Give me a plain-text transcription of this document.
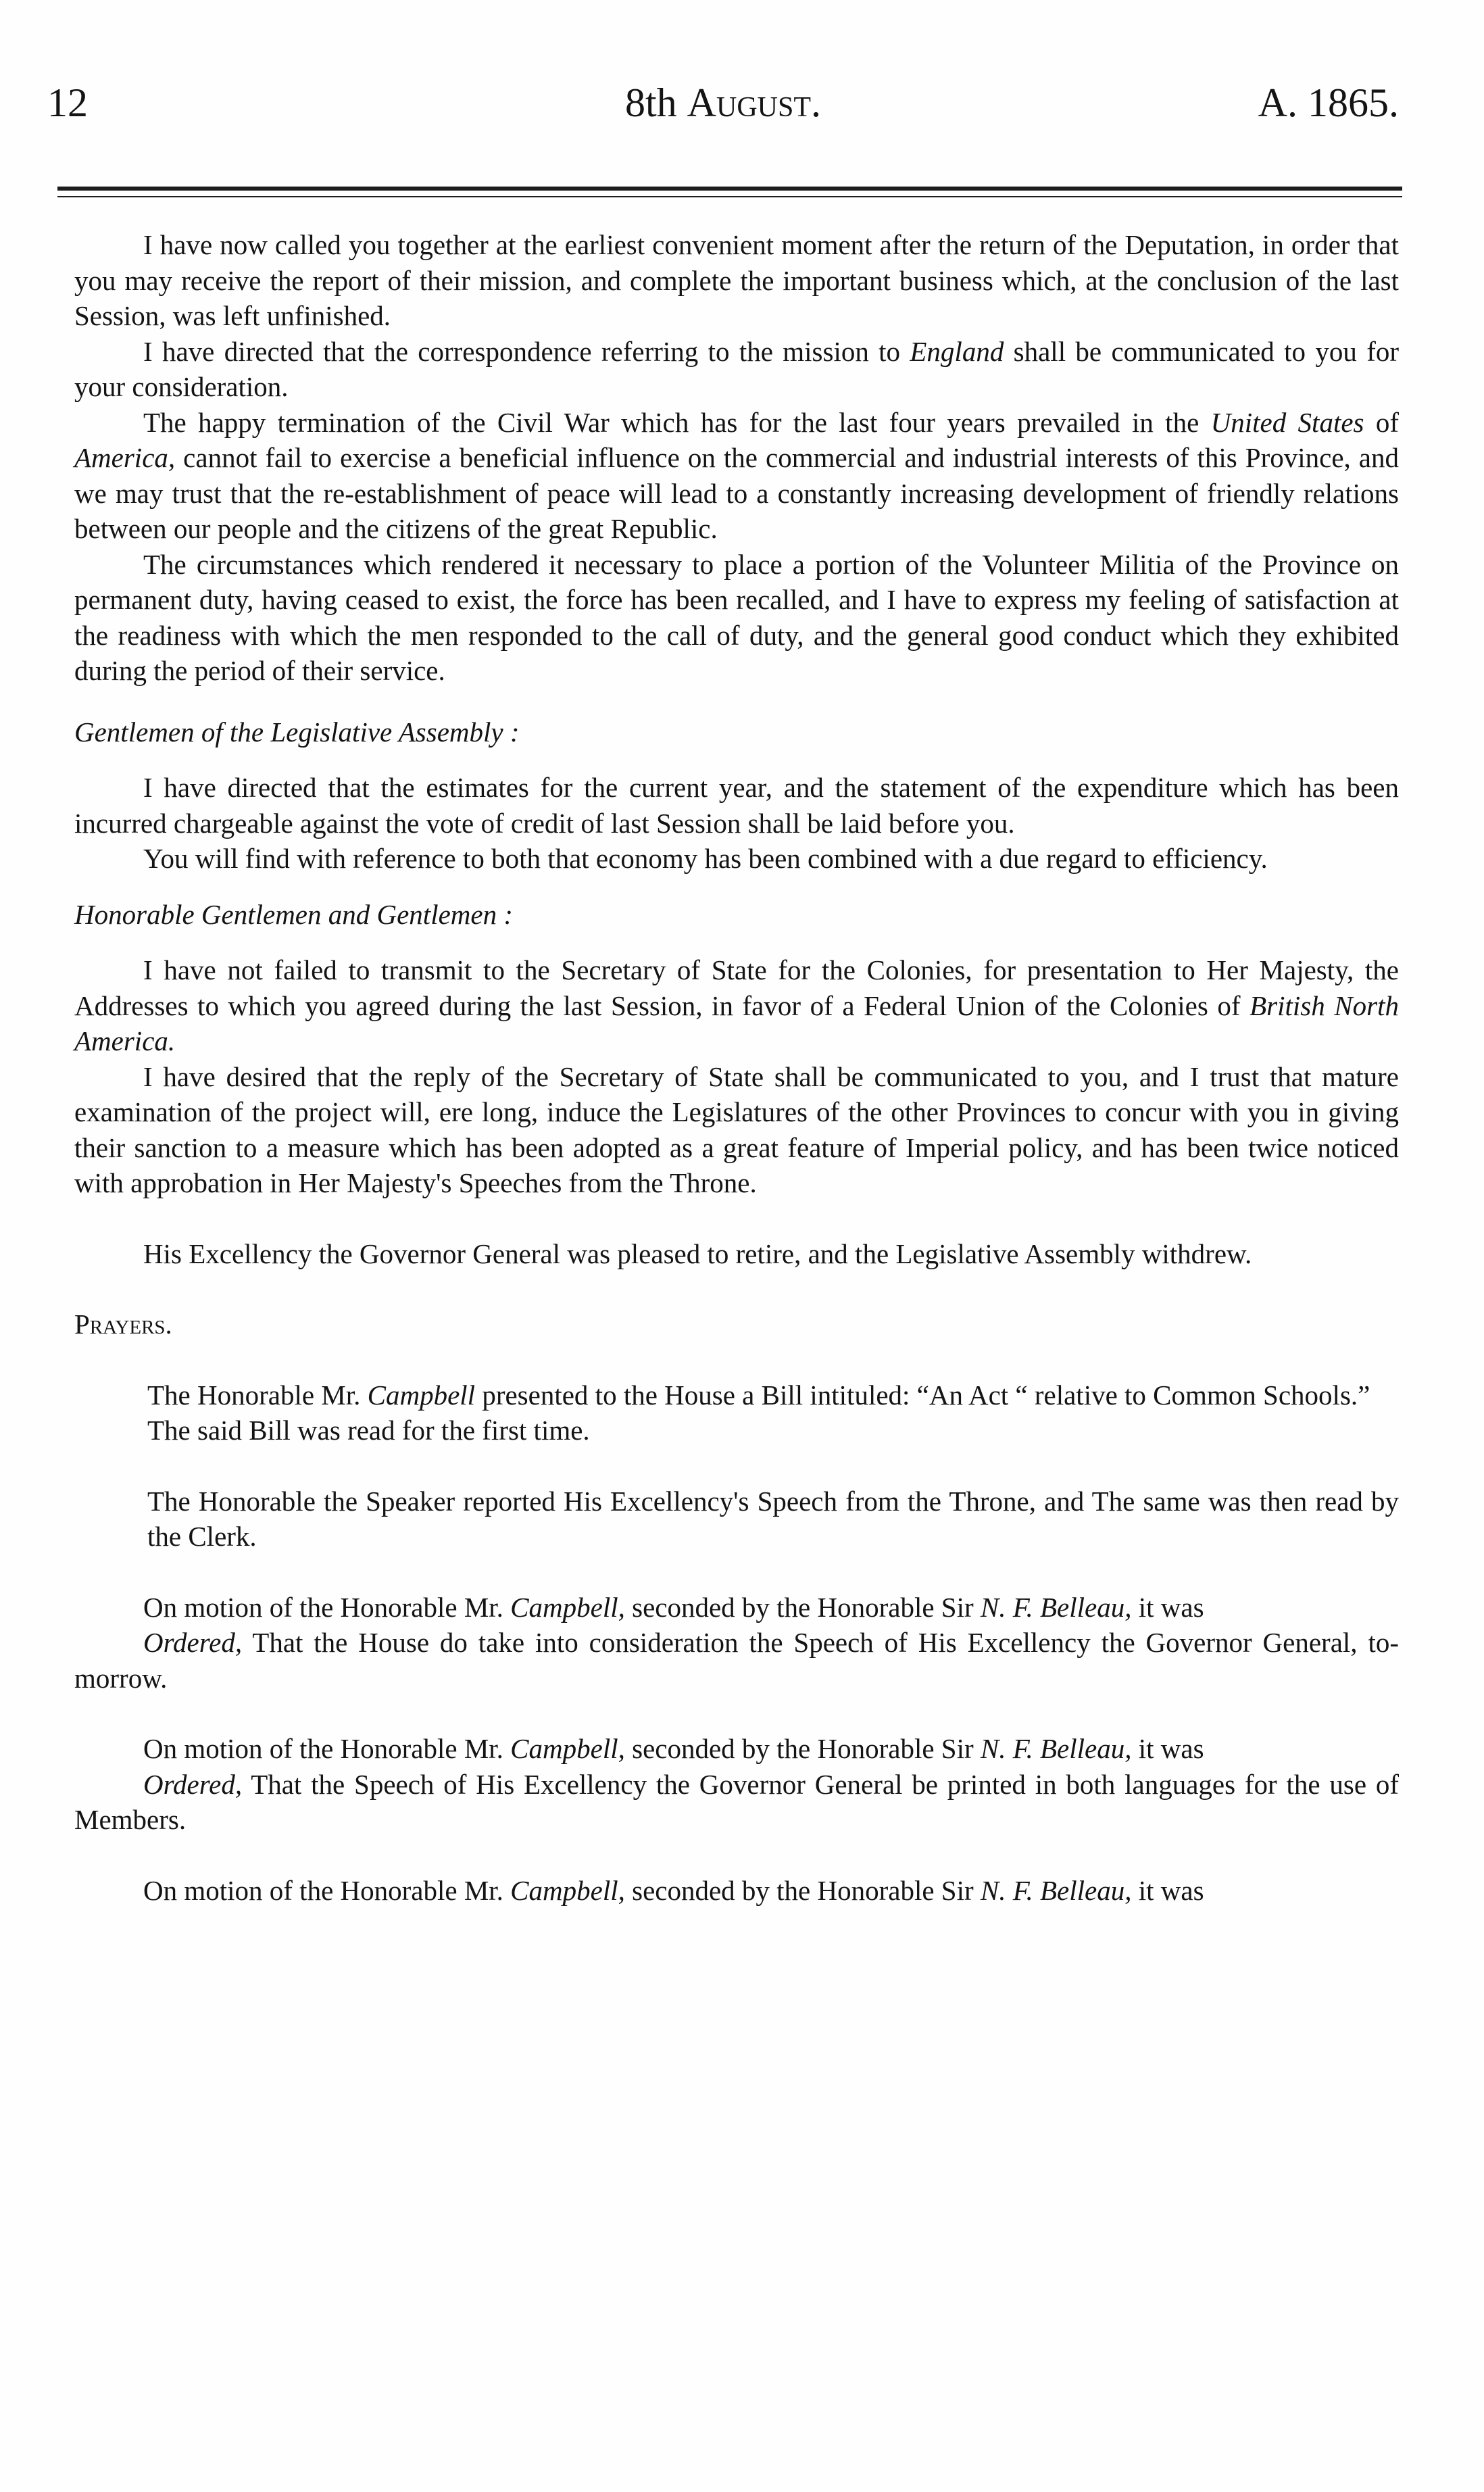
12	8th August.	A. 1865.

I have now called you together at the earliest convenient moment after the return of the Deputation, in order that you may receive the report of their mission, and complete the important business which, at the conclusion of the last Session, was left unfinished.

I have directed that the correspondence referring to the mission to England shall be communicated to you for your consideration.

The happy termination of the Civil War which has for the last four years prevailed in the United States of America, cannot fail to exercise a beneficial influence on the commercial and industrial interests of this Province, and we may trust that the re-establishment of peace will lead to a constantly increasing development of friendly relations between our people and the citizens of the great Republic.

The circumstances which rendered it necessary to place a portion of the Volunteer Militia of the Province on permanent duty, having ceased to exist, the force has been recalled, and I have to express my feeling of satisfaction at the readiness with which the men responded to the call of duty, and the general good conduct which they exhibited during the period of their service.

Gentlemen of the Legislative Assembly :

I have directed that the estimates for the current year, and the statement of the expenditure which has been incurred chargeable against the vote of credit of last Session shall be laid before you.

You will find with reference to both that economy has been combined with a due regard to efficiency.

Honorable Gentlemen and Gentlemen :

I have not failed to transmit to the Secretary of State for the Colonies, for presentation to Her Majesty, the Addresses to which you agreed during the last Session, in favor of a Federal Union of the Colonies of British North America.

I have desired that the reply of the Secretary of State shall be communicated to you, and I trust that mature examination of the project will, ere long, induce the Legislatures of the other Provinces to concur with you in giving their sanction to a measure which has been adopted as a great feature of Imperial policy, and has been twice noticed with approbation in Her Majesty's Speeches from the Throne.

His Excellency the Governor General was pleased to retire, and the Legislative Assembly withdrew.

Prayers.

The Honorable Mr. Campbell presented to the House a Bill intituled: “An Act “ relative to Common Schools.”

The said Bill was read for the first time.

The Honorable the Speaker reported His Excellency's Speech from the Throne, and The same was then read by the Clerk.

On motion of the Honorable Mr. Campbell, seconded by the Honorable Sir N. F. Belleau, it was

Ordered, That the House do take into consideration the Speech of His Excellency the Governor General, to-morrow.

On motion of the Honorable Mr. Campbell, seconded by the Honorable Sir N. F. Belleau, it was

Ordered, That the Speech of His Excellency the Governor General be printed in both languages for the use of Members.

On motion of the Honorable Mr. Campbell, seconded by the Honorable Sir N. F. Belleau, it was
